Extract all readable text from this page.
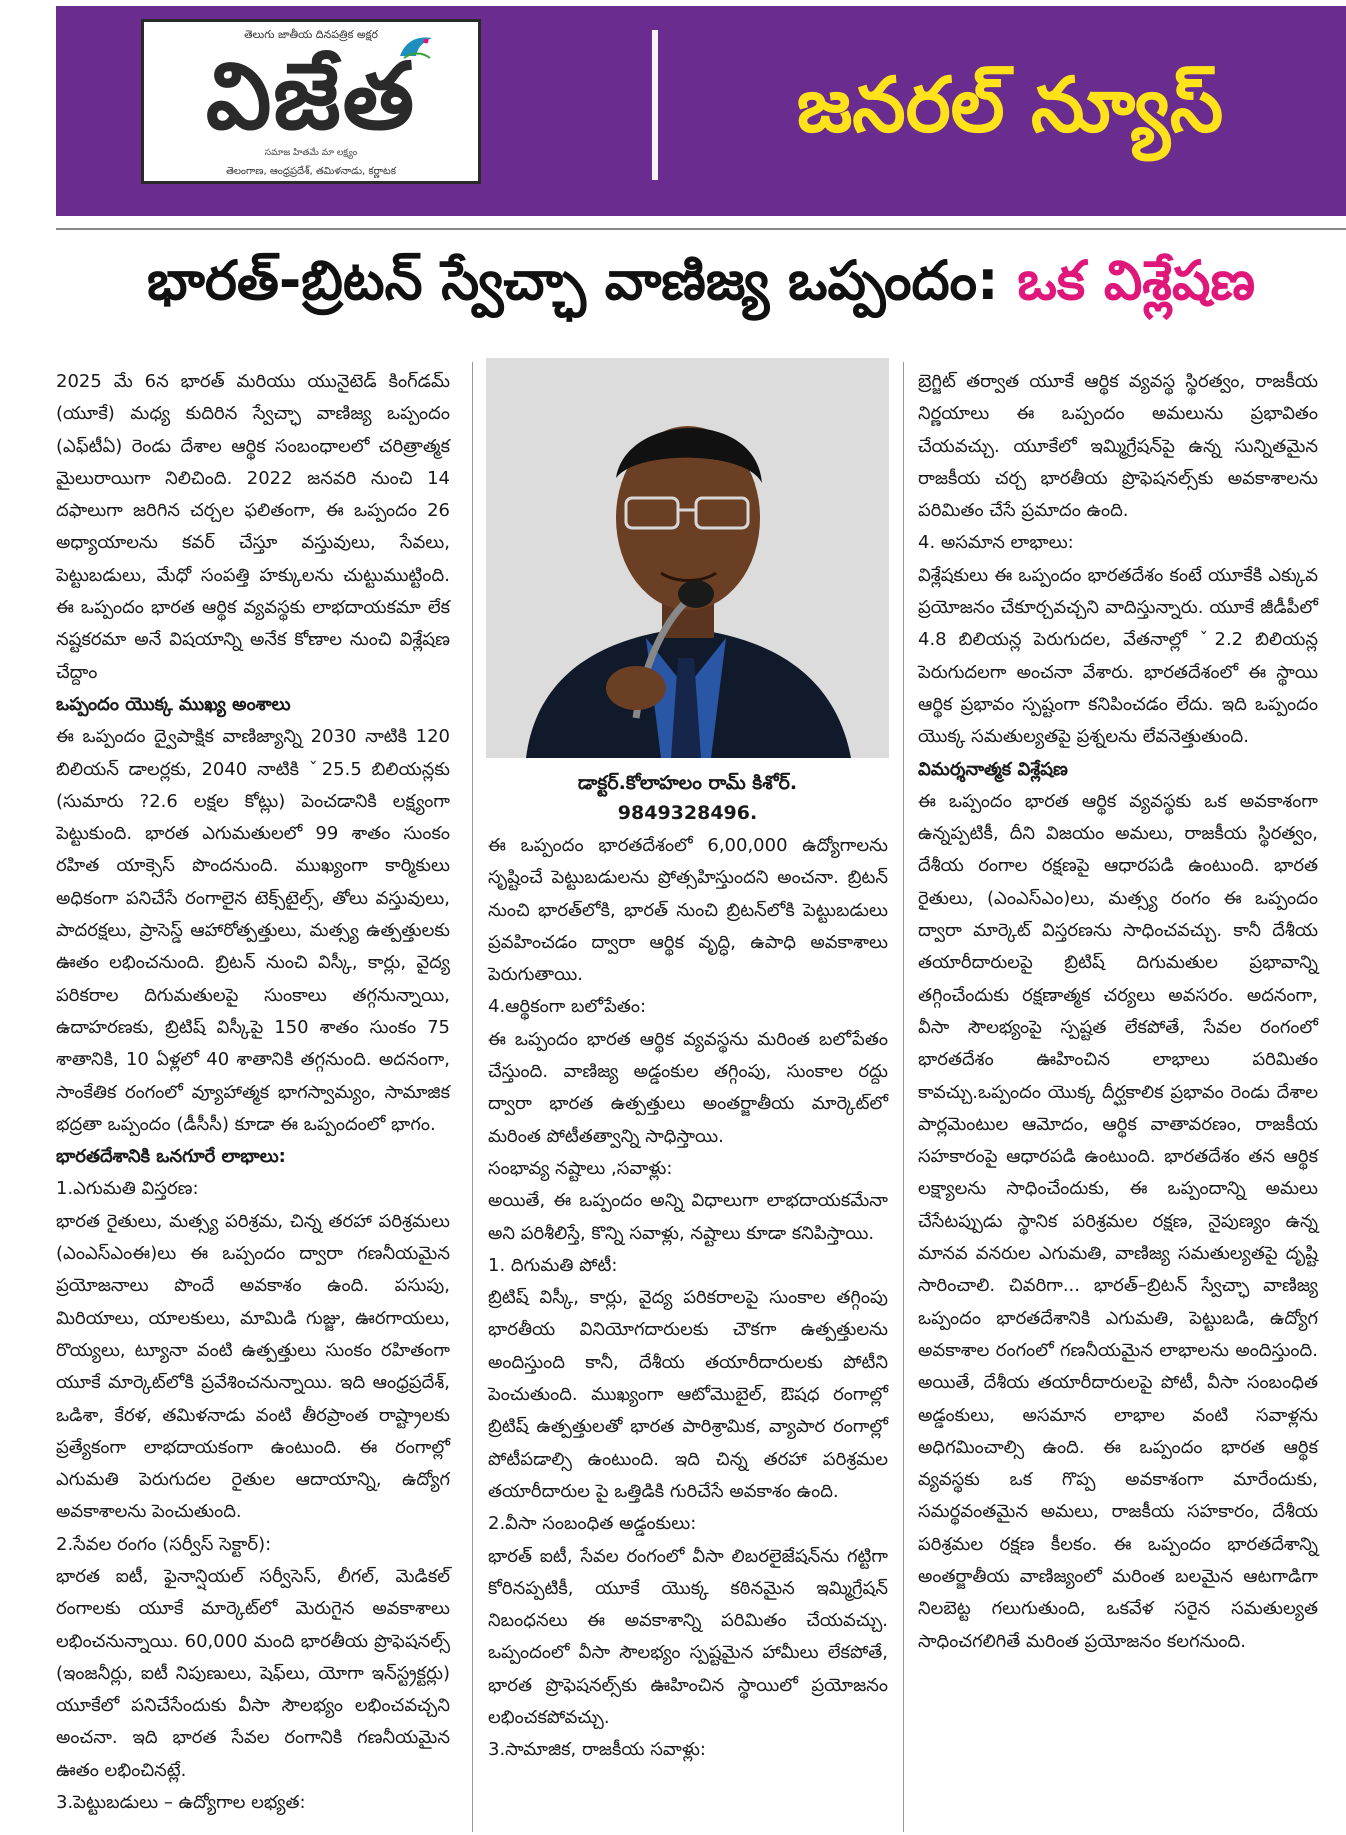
తెలుగు జాతీయ దినపత్రిక అక్షర
విజేత
సమాజ హితమే మా లక్ష్యం
తెలంగాణ, ఆంధ్రప్రదేశ్, తమిళనాడు, కర్ణాటక
జనరల్ న్యూస్
భారత్-బ్రిటన్ స్వేచ్ఛా వాణిజ్య ఒప్పందం: ఒక విశ్లేషణ

2025 మే 6న భారత్ మరియు యునైటెడ్ కింగ్‌డమ్ (యూకే) మధ్య కుదిరిన స్వేచ్ఛా వాణిజ్య ఒప్పందం (ఎఫ్‌టీఏ) రెండు దేశాల ఆర్థిక సంబంధాలలో చరిత్రాత్మక మైలురాయిగా నిలిచింది. 2022 జనవరి నుంచి 14 దఫాలుగా జరిగిన చర్చల ఫలితంగా, ఈ ఒప్పందం 26 అధ్యాయాలను కవర్ చేస్తూ వస్తువులు, సేవలు, పెట్టుబడులు, మేధో సంపత్తి హక్కులను చుట్టుముట్టింది. ఈ ఒప్పందం భారత ఆర్థిక వ్యవస్థకు లాభదాయకమా లేక నష్టకరమా అనే విషయాన్ని అనేక కోణాల నుంచి విశ్లేషణ చేద్దాం

ఒప్పందం యొక్క ముఖ్య అంశాలు

ఈ ఒప్పందం ద్వైపాక్షిక వాణిజ్యాన్ని 2030 నాటికి 120 బిలియన్ డాలర్లకు, 2040 నాటికి ˇ25.5 బిలియన్లకు (సుమారు ?2.6 లక్షల కోట్లు) పెంచడానికి లక్ష్యంగా పెట్టుకుంది. భారత ఎగుమతులలో 99 శాతం సుంకం రహిత యాక్సెస్ పొందనుంది. ముఖ్యంగా కార్మికులు అధికంగా పనిచేసే రంగాలైన టెక్స్‌టైల్స్, తోలు వస్తువులు, పాదరక్షలు, ప్రాసెస్డ్ ఆహారోత్పత్తులు, మత్స్య ఉత్పత్తులకు ఊతం లభించనుంది. బ్రిటన్ నుంచి విస్కీ, కార్లు, వైద్య పరికరాల దిగుమతులపై సుంకాలు తగ్గనున్నాయి, ఉదాహరణకు, బ్రిటిష్ విస్కీపై 150 శాతం సుంకం 75 శాతానికి, 10 ఏళ్లలో 40 శాతానికి తగ్గనుంది. అదనంగా, సాంకేతిక రంగంలో వ్యూహాత్మక భాగస్వామ్యం, సామాజిక భద్రతా ఒప్పందం (డీసీసీ) కూడా ఈ ఒప్పందంలో భాగం.

భారతదేశానికి ఒనగూరే లాభాలు:

1.ఎగుమతి విస్తరణ:

భారత రైతులు, మత్స్య పరిశ్రమ, చిన్న తరహా పరిశ్రమలు (ఎంఎస్‌ఎంఈ)లు ఈ ఒప్పందం ద్వారా గణనీయమైన ప్రయోజనాలు పొందే అవకాశం ఉంది. పసుపు, మిరియాలు, యాలకులు, మామిడి గుజ్జు, ఊరగాయలు, రొయ్యలు, ట్యూనా వంటి ఉత్పత్తులు సుంకం రహితంగా యూకే మార్కెట్‌లోకి ప్రవేశించనున్నాయి. ఇది ఆంధ్రప్రదేశ్, ఒడిశా, కేరళ, తమిళనాడు వంటి తీరప్రాంత రాష్ట్రాలకు ప్రత్యేకంగా లాభదాయకంగా ఉంటుంది. ఈ రంగాల్లో ఎగుమతి పెరుగుదల రైతుల ఆదాయాన్ని, ఉద్యోగ అవకాశాలను పెంచుతుంది.

2.సేవల రంగం (సర్వీస్ సెక్టార్):

భారత ఐటీ, ఫైనాన్షియల్ సర్వీసెస్, లీగల్, మెడికల్ రంగాలకు యూకే మార్కెట్‌లో మెరుగైన అవకాశాలు లభించనున్నాయి. 60,000 మంది భారతీయ ప్రొఫెషనల్స్ (ఇంజనీర్లు, ఐటీ నిపుణులు, షెఫ్‌లు, యోగా ఇన్‌స్ట్రక్టర్లు) యూకేలో పనిచేసేందుకు వీసా సౌలభ్యం లభించవచ్చని అంచనా. ఇది భారత సేవల రంగానికి గణనీయమైన ఊతం లభించినట్లే.

3.పెట్టుబడులు – ఉద్యోగాల లభ్యత:

డాక్టర్.కోలాహలం రామ్ కిశోర్.
9849328496.

ఈ ఒప్పందం భారతదేశంలో 6,00,000 ఉద్యోగాలను సృష్టించే పెట్టుబడులను ప్రోత్సహిస్తుందని అంచనా. బ్రిటన్ నుంచి భారత్‌లోకి, భారత్ నుంచి బ్రిటన్‌లోకి పెట్టుబడులు ప్రవహించడం ద్వారా ఆర్థిక వృద్ధి, ఉపాధి అవకాశాలు పెరుగుతాయి.

4.ఆర్థికంగా బలోపేతం:

ఈ ఒప్పందం భారత ఆర్థిక వ్యవస్థను మరింత బలోపేతం చేస్తుంది. వాణిజ్య అడ్డంకుల తగ్గింపు, సుంకాల రద్దు ద్వారా భారత ఉత్పత్తులు అంతర్జాతీయ మార్కెట్‌లో మరింత పోటీతత్వాన్ని సాధిస్తాయి.

సంభావ్య నష్టాలు ,సవాళ్లు:

అయితే, ఈ ఒప్పందం అన్ని విధాలుగా లాభదాయకమేనా అని పరిశీలిస్తే, కొన్ని సవాళ్లు, నష్టాలు కూడా కనిపిస్తాయి.

1. దిగుమతి పోటీ:

బ్రిటిష్ విస్కీ, కార్లు, వైద్య పరికరాలపై సుంకాల తగ్గింపు భారతీయ వినియోగదారులకు చౌకగా ఉత్పత్తులను అందిస్తుంది కానీ, దేశీయ తయారీదారులకు పోటీని పెంచుతుంది. ముఖ్యంగా ఆటోమొబైల్, ఔషధ రంగాల్లో బ్రిటిష్ ఉత్పత్తులతో భారత పారిశ్రామిక, వ్యాపార రంగాల్లో పోటీపడాల్సి ఉంటుంది. ఇది చిన్న తరహా పరిశ్రమల తయారీదారుల పై ఒత్తిడికి గురిచేసే అవకాశం ఉంది.

2.వీసా సంబంధిత అడ్డంకులు:

భారత్ ఐటీ, సేవల రంగంలో వీసా లిబరలైజేషన్‌ను గట్టిగా కోరినప్పటికీ, యూకే యొక్క కఠినమైన ఇమ్మిగ్రేషన్ నిబంధనలు ఈ అవకాశాన్ని పరిమితం చేయవచ్చు. ఒప్పందంలో వీసా సౌలభ్యం స్పష్టమైన హామీలు లేకపోతే, భారత ప్రొఫెషనల్స్‌కు ఊహించిన స్థాయిలో ప్రయోజనం లభించకపోవచ్చు.

3.సామాజిక, రాజకీయ సవాళ్లు:

బ్రెగ్జిట్ తర్వాత యూకే ఆర్థిక వ్యవస్థ స్థిరత్వం, రాజకీయ నిర్ణయాలు ఈ ఒప్పందం అమలును ప్రభావితం చేయవచ్చు. యూకేలో ఇమ్మిగ్రేషన్‌పై ఉన్న సున్నితమైన రాజకీయ చర్చ భారతీయ ప్రొఫెషనల్స్‌కు అవకాశాలను పరిమితం చేసే ప్రమాదం ఉంది.

4. అసమాన లాభాలు:

విశ్లేషకులు ఈ ఒప్పందం భారతదేశం కంటే యూకేకి ఎక్కువ ప్రయోజనం చేకూర్చవచ్చని వాదిస్తున్నారు. యూకే జీడీపీలో 4.8 బిలియన్ల పెరుగుదల, వేతనాల్లో ˇ2.2 బిలియన్ల పెరుగుదలగా అంచనా వేశారు. భారతదేశంలో ఈ స్థాయి ఆర్థిక ప్రభావం స్పష్టంగా కనిపించడం లేదు. ఇది ఒప్పందం యొక్క సమతుల్యతపై ప్రశ్నలను లేవనెత్తుతుంది.

విమర్శనాత్మక విశ్లేషణ

ఈ ఒప్పందం భారత ఆర్థిక వ్యవస్థకు ఒక అవకాశంగా ఉన్నప్పటికీ, దీని విజయం అమలు, రాజకీయ స్థిరత్వం, దేశీయ రంగాల రక్షణపై ఆధారపడి ఉంటుంది. భారత రైతులు, (ఎంఎస్‌ఎం)లు, మత్స్య రంగం ఈ ఒప్పందం ద్వారా మార్కెట్ విస్తరణను సాధించవచ్చు. కానీ దేశీయ తయారీదారులపై బ్రిటిష్ దిగుమతుల ప్రభావాన్ని తగ్గించేందుకు రక్షణాత్మక చర్యలు అవసరం. అదనంగా, వీసా సౌలభ్యంపై స్పష్టత లేకపోతే, సేవల రంగంలో భారతదేశం ఊహించిన లాభాలు పరిమితం కావచ్చు.ఒప్పందం యొక్క దీర్ఘకాలిక ప్రభావం రెండు దేశాల పార్లమెంటుల ఆమోదం, ఆర్థిక వాతావరణం, రాజకీయ సహకారంపై ఆధారపడి ఉంటుంది. భారతదేశం తన ఆర్థిక లక్ష్యాలను సాధించేందుకు, ఈ ఒప్పందాన్ని అమలు చేసేటప్పుడు స్థానిక పరిశ్రమల రక్షణ, నైపుణ్యం ఉన్న మానవ వనరుల ఎగుమతి, వాణిజ్య సమతుల్యతపై దృష్టి సారించాలి. చివరిగా... భారత్–బ్రిటన్ స్వేచ్ఛా వాణిజ్య ఒప్పందం భారతదేశానికి ఎగుమతి, పెట్టుబడి, ఉద్యోగ అవకాశాల రంగంలో గణనీయమైన లాభాలను అందిస్తుంది. అయితే, దేశీయ తయారీదారులపై పోటీ, వీసా సంబంధిత అడ్డంకులు, అసమాన లాభాల వంటి సవాళ్లను అధిగమించాల్సి ఉంది. ఈ ఒప్పందం భారత ఆర్థిక వ్యవస్థకు ఒక గొప్ప అవకాశంగా మారేందుకు, సమర్థవంతమైన అమలు, రాజకీయ సహకారం, దేశీయ పరిశ్రమల రక్షణ కీలకం. ఈ ఒప్పందం భారతదేశాన్ని అంతర్జాతీయ వాణిజ్యంలో మరింత బలమైన ఆటగాడిగా నిలబెట్ట గలుగుతుంది, ఒకవేళ సరైన సమతుల్యత సాధించగలిగితే మరింత ప్రయోజనం కలగనుంది.
